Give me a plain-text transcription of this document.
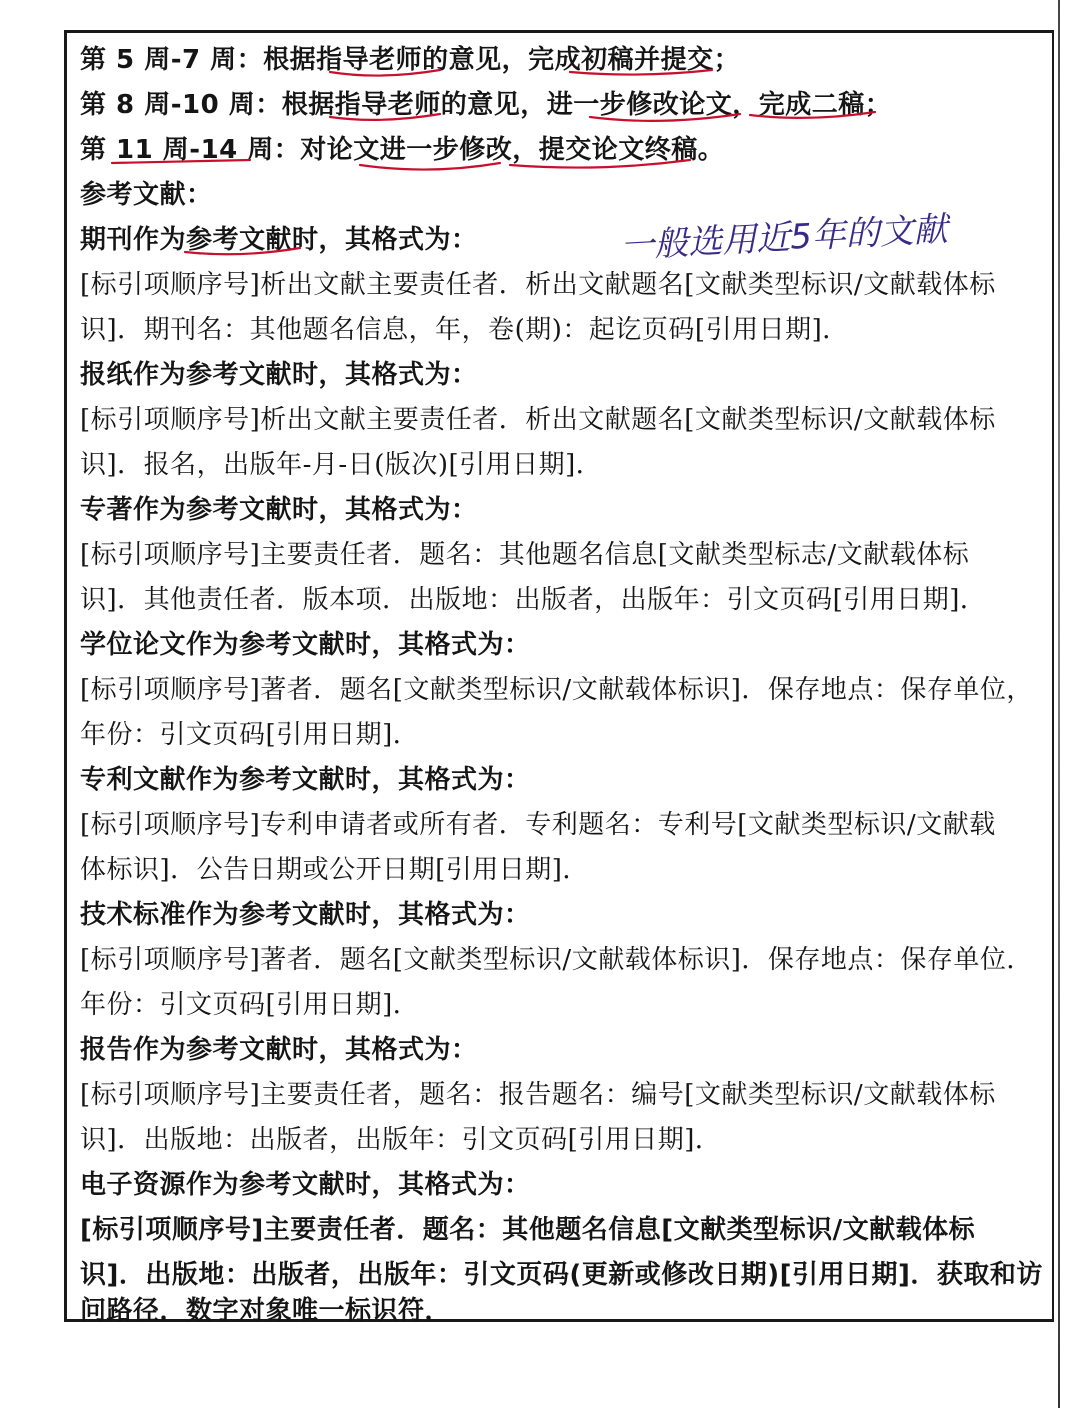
第 5 周-7 周：根据指导老师的意见，完成初稿并提交；
第 8 周-10 周：根据指导老师的意见，进一步修改论文，完成二稿；
第 11 周-14 周：对论文进一步修改，提交论文终稿。
参考文献：
期刊作为参考文献时，其格式为：
[标引项顺序号]析出文献主要责任者．析出文献题名[文献类型标识/文献载体标
识]．期刊名：其他题名信息，年，卷(期)：起讫页码[引用日期]．
报纸作为参考文献时，其格式为：
[标引项顺序号]析出文献主要责任者．析出文献题名[文献类型标识/文献载体标
识]．报名，出版年-月-日(版次)[引用日期]．
专著作为参考文献时，其格式为：
[标引项顺序号]主要责任者．题名：其他题名信息[文献类型标志/文献载体标
识]．其他责任者．版本项．出版地：出版者，出版年：引文页码[引用日期]．
学位论文作为参考文献时，其格式为：
[标引项顺序号]著者．题名[文献类型标识/文献载体标识]．保存地点：保存单位，
年份：引文页码[引用日期]．
专利文献作为参考文献时，其格式为：
[标引项顺序号]专利申请者或所有者．专利题名：专利号[文献类型标识/文献载
体标识]．公告日期或公开日期[引用日期]．
技术标准作为参考文献时，其格式为：
[标引项顺序号]著者．题名[文献类型标识/文献载体标识]．保存地点：保存单位．
年份：引文页码[引用日期]．
报告作为参考文献时，其格式为：
[标引项顺序号]主要责任者，题名：报告题名：编号[文献类型标识/文献载体标
识]．出版地：出版者，出版年：引文页码[引用日期]．
电子资源作为参考文献时，其格式为：
[标引项顺序号]主要责任者．题名：其他题名信息[文献类型标识/文献载体标
识]．出版地：出版者，出版年：引文页码(更新或修改日期)[引用日期]．获取和访
问路径．数字对象唯一标识符．
一般选用近5年的文献
